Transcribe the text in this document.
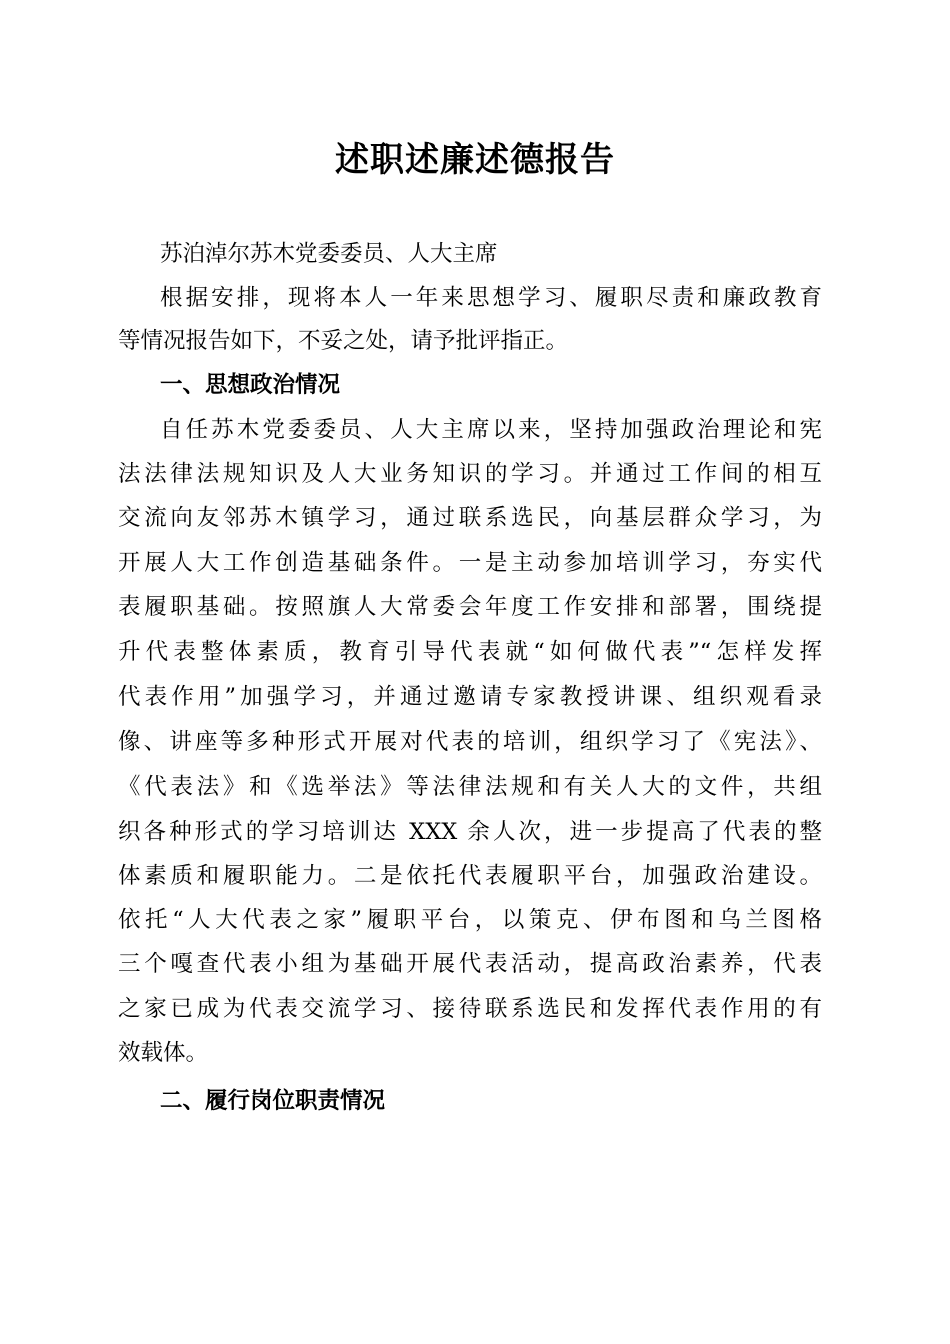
述职述廉述德报告
苏泊淖尔苏木党委委员、人大主席
根据安排，现将本人一年来思想学习、履职尽责和廉政教育
等情况报告如下，不妥之处，请予批评指正。
一、思想政治情况
自任苏木党委委员、人大主席以来，坚持加强政治理论和宪
法法律法规知识及人大业务知识的学习。并通过工作间的相互
交流向友邻苏木镇学习，通过联系选民，向基层群众学习，为
开展人大工作创造基础条件。一是主动参加培训学习，夯实代
表履职基础。按照旗人大常委会年度工作安排和部署，围绕提
升代表整体素质，教育引导代表就“如何做代表”“怎样发挥
代表作用”加强学习，并通过邀请专家教授讲课、组织观看录
像、讲座等多种形式开展对代表的培训，组织学习了《宪法》、
《代表法》和《选举法》等法律法规和有关人大的文件，共组
织各种形式的学习培训达 XXX 余人次，进一步提高了代表的整
体素质和履职能力。二是依托代表履职平台，加强政治建设。
依托“人大代表之家”履职平台，以策克、伊布图和乌兰图格
三个嘎查代表小组为基础开展代表活动，提高政治素养，代表
之家已成为代表交流学习、接待联系选民和发挥代表作用的有
效载体。
二、履行岗位职责情况
